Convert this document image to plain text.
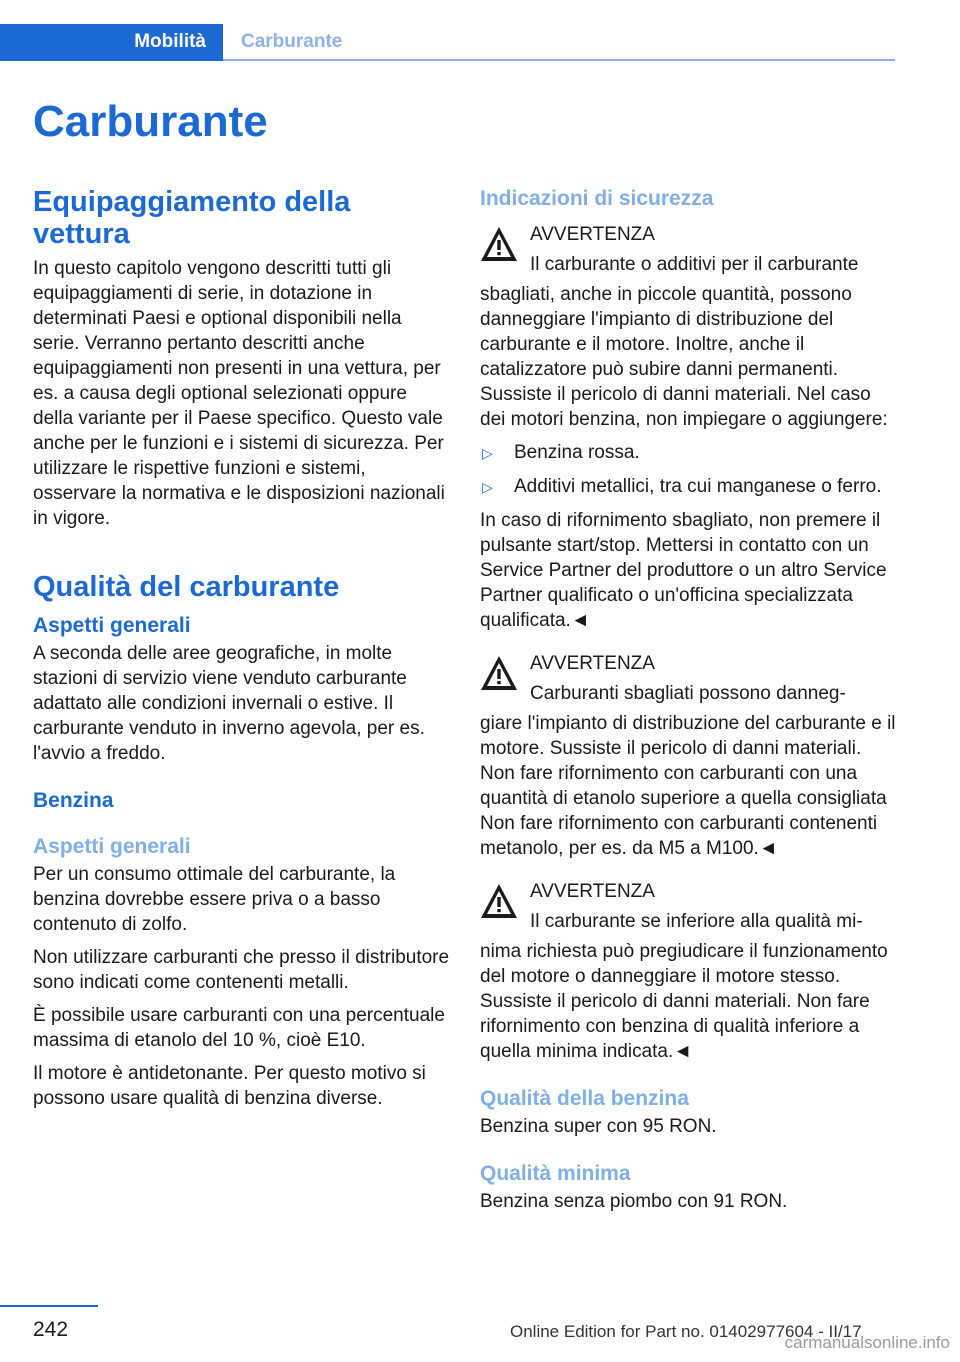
Mobilità Carburante
Carburante
Equipaggiamento della vettura

In questo capitolo vengono descritti tutti gli equipaggiamenti di serie, in dotazione in determinati Paesi e optional disponibili nella serie. Verranno pertanto descritti anche equipaggiamenti non presenti in una vettura, per es. a causa degli optional selezionati oppure della variante per il Paese specifico. Questo vale anche per le funzioni e i sistemi di sicurezza. Per utilizzare le rispettive funzioni e sistemi, osservare la normativa e le disposizioni nazionali in vigore.

Qualità del carburante
Aspetti generali

A seconda delle aree geografiche, in molte stazioni di servizio viene venduto carburante adattato alle condizioni invernali o estive. Il carburante venduto in inverno agevola, per es. l'avvio a freddo.

Benzina
Aspetti generali

Per un consumo ottimale del carburante, la benzina dovrebbe essere priva o a basso contenuto di zolfo.

Non utilizzare carburanti che presso il distributore sono indicati come contenenti metalli.

È possibile usare carburanti con una percentuale massima di etanolo del 10 %, cioè E10.

Il motore è antidetonante. Per questo motivo si possono usare qualità di benzina diverse.

Indicazioni di sicurezza
AVVERTENZA
Il carburante o additivi per il carburante

sbagliati, anche in piccole quantità, possono danneggiare l'impianto di distribuzione del carburante e il motore. Inoltre, anche il catalizzatore può subire danni permanenti. Sussiste il pericolo di danni materiali. Nel caso dei motori benzina, non impiegare o aggiungere:

▷ Benzina rossa.
▷ Additivi metallici, tra cui manganese o ferro.

In caso di rifornimento sbagliato, non premere il pulsante start/stop. Mettersi in contatto con un Service Partner del produttore o un altro Service Partner qualificato o un'officina specializzata qualificata.◄

AVVERTENZA
Carburanti sbagliati possono danneg-

giare l'impianto di distribuzione del carburante e il motore. Sussiste il pericolo di danni materiali. Non fare rifornimento con carburanti con una quantità di etanolo superiore a quella consigliata Non fare rifornimento con carburanti contenenti metanolo, per es. da M5 a M100.◄

AVVERTENZA
Il carburante se inferiore alla qualità mi-

nima richiesta può pregiudicare il funzionamento del motore o danneggiare il motore stesso. Sussiste il pericolo di danni materiali. Non fare rifornimento con benzina di qualità inferiore a quella minima indicata.◄

Qualità della benzina

Benzina super con 95 RON.

Qualità minima

Benzina senza piombo con 91 RON.

242	Online Edition for Part no. 01402977604 - II/17
carmanualsonline.info
